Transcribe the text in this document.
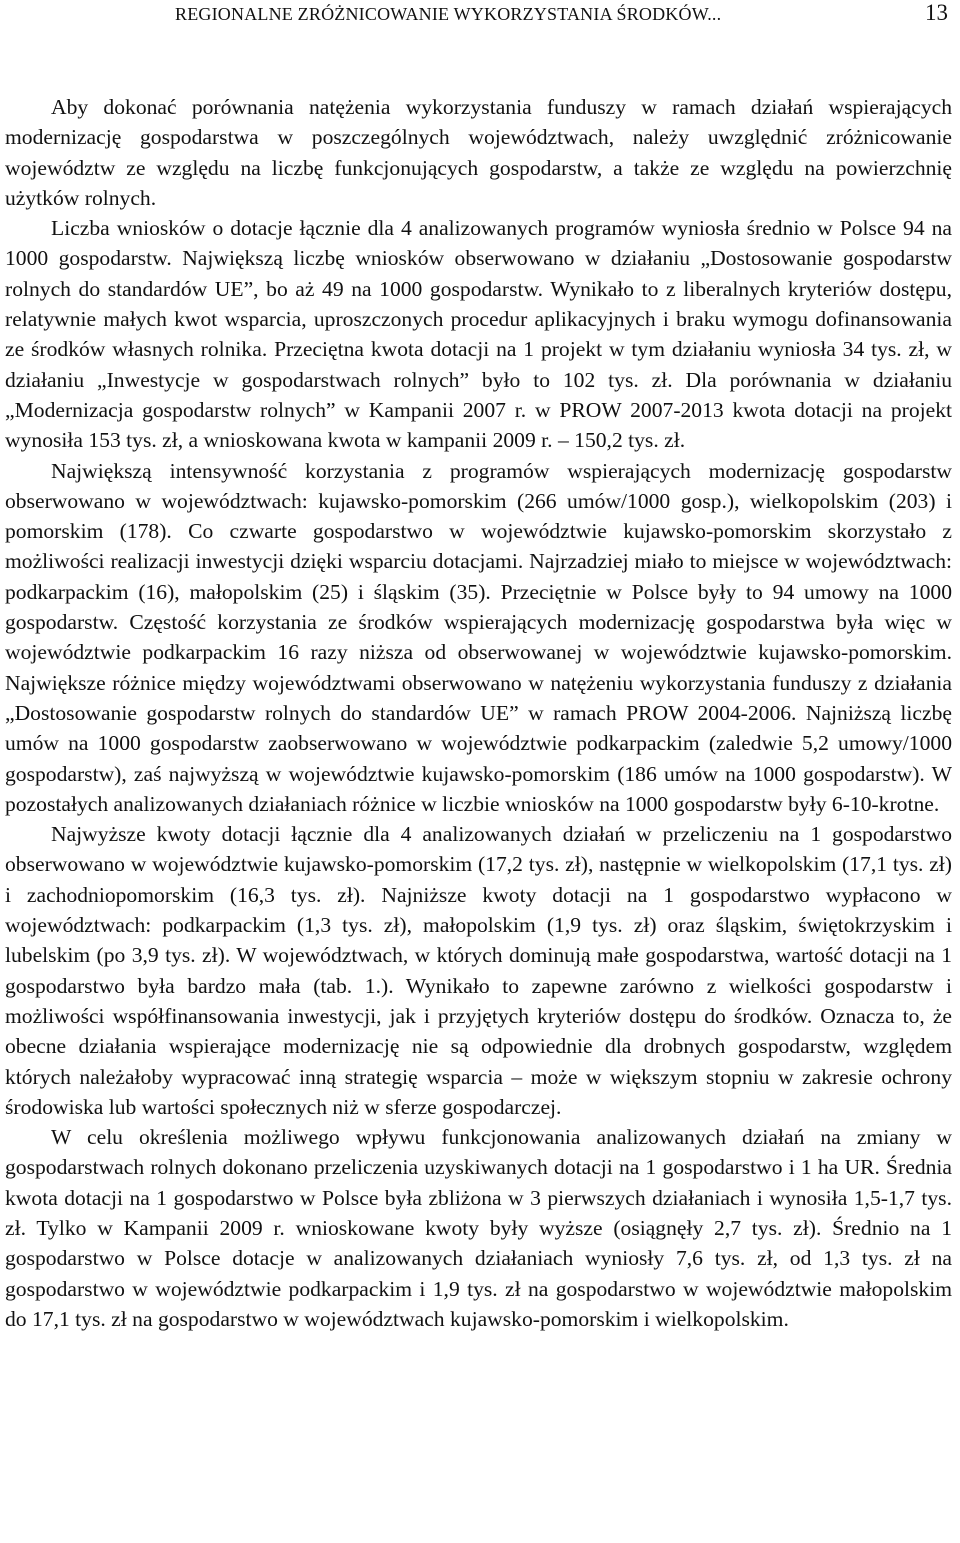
REGIONALNE ZRÓŻNICOWANIE WYKORZYSTANIA ŚRODKÓW...	13

Aby dokonać porównania natężenia wykorzystania funduszy w ramach działań wspierających modernizację gospodarstwa w poszczególnych województwach, należy uwzględnić zróżnicowanie województw ze względu na liczbę funkcjonujących gospodarstw, a także ze względu na powierzchnię użytków rolnych.

Liczba wniosków o dotacje łącznie dla 4 analizowanych programów wyniosła średnio w Polsce 94 na 1000 gospodarstw. Największą liczbę wniosków obserwowano w działaniu „Dostosowanie gospodarstw rolnych do standardów UE”, bo aż 49 na 1000 gospodarstw. Wynikało to z liberalnych kryteriów dostępu, relatywnie małych kwot wsparcia, uproszczonych procedur aplikacyjnych i braku wymogu dofinansowania ze środków własnych rolnika. Przeciętna kwota dotacji na 1 projekt w tym działaniu wyniosła 34 tys. zł, w działaniu „Inwestycje w gospodarstwach rolnych” było to 102 tys. zł. Dla porównania w działaniu „Modernizacja gospodarstw rolnych” w Kampanii 2007 r. w PROW 2007-2013 kwota dotacji na projekt wynosiła 153 tys. zł, a wnioskowana kwota w kampanii 2009 r. – 150,2 tys. zł.

Największą intensywność korzystania z programów wspierających modernizację gospodarstw obserwowano w województwach: kujawsko-pomorskim (266 umów/1000 gosp.), wielkopolskim (203) i pomorskim (178). Co czwarte gospodarstwo w województwie kujawsko-pomorskim skorzystało z możliwości realizacji inwestycji dzięki wsparciu dotacjami. Najrzadziej miało to miejsce w województwach: podkarpackim (16), małopolskim (25) i śląskim (35). Przeciętnie w Polsce były to 94 umowy na 1000 gospodarstw. Częstość korzystania ze środków wspierających modernizację gospodarstwa była więc w województwie podkarpackim 16 razy niższa od obserwowanej w województwie kujawsko-pomorskim. Największe różnice między województwami obserwowano w natężeniu wykorzystania funduszy z działania „Dostosowanie gospodarstw rolnych do standardów UE” w ramach PROW 2004-2006. Najniższą liczbę umów na 1000 gospodarstw zaobserwowano w województwie podkarpackim (zaledwie 5,2 umowy/1000 gospodarstw), zaś najwyższą w województwie kujawsko-pomorskim (186 umów na 1000 gospodarstw). W pozostałych analizowanych działaniach różnice w liczbie wniosków na 1000 gospodarstw były 6-10-krotne.

Najwyższe kwoty dotacji łącznie dla 4 analizowanych działań w przeliczeniu na 1 gospodarstwo obserwowano w województwie kujawsko-pomorskim (17,2 tys. zł), następnie w wielkopolskim (17,1 tys. zł) i zachodniopomorskim (16,3 tys. zł). Najniższe kwoty dotacji na 1 gospodarstwo wypłacono w województwach: podkarpackim (1,3 tys. zł), małopolskim (1,9 tys. zł) oraz śląskim, świętokrzyskim i lubelskim (po 3,9 tys. zł). W województwach, w których dominują małe gospodarstwa, wartość dotacji na 1 gospodarstwo była bardzo mała (tab. 1.). Wynikało to zapewne zarówno z wielkości gospodarstw i możliwości współfinansowania inwestycji, jak i przyjętych kryteriów dostępu do środków. Oznacza to, że obecne działania wspierające modernizację nie są odpowiednie dla drobnych gospodarstw, względem których należałoby wypracować inną strategię wsparcia – może w większym stopniu w zakresie ochrony środowiska lub wartości społecznych niż w sferze gospodarczej.

W celu określenia możliwego wpływu funkcjonowania analizowanych działań na zmiany w gospodarstwach rolnych dokonano przeliczenia uzyskiwanych dotacji na 1 gospodarstwo i 1 ha UR. Średnia kwota dotacji na 1 gospodarstwo w Polsce była zbliżona w 3 pierwszych działaniach i wynosiła 1,5-1,7 tys. zł. Tylko w Kampanii 2009 r. wnioskowane kwoty były wyższe (osiągnęły 2,7 tys. zł). Średnio na 1 gospodarstwo w Polsce dotacje w analizowanych działaniach wyniosły 7,6 tys. zł, od 1,3 tys. zł na gospodarstwo w województwie podkarpackim i 1,9 tys. zł na gospodarstwo w województwie małopolskim do 17,1 tys. zł na gospodarstwo w województwach kujawsko-pomorskim i wielkopolskim.
